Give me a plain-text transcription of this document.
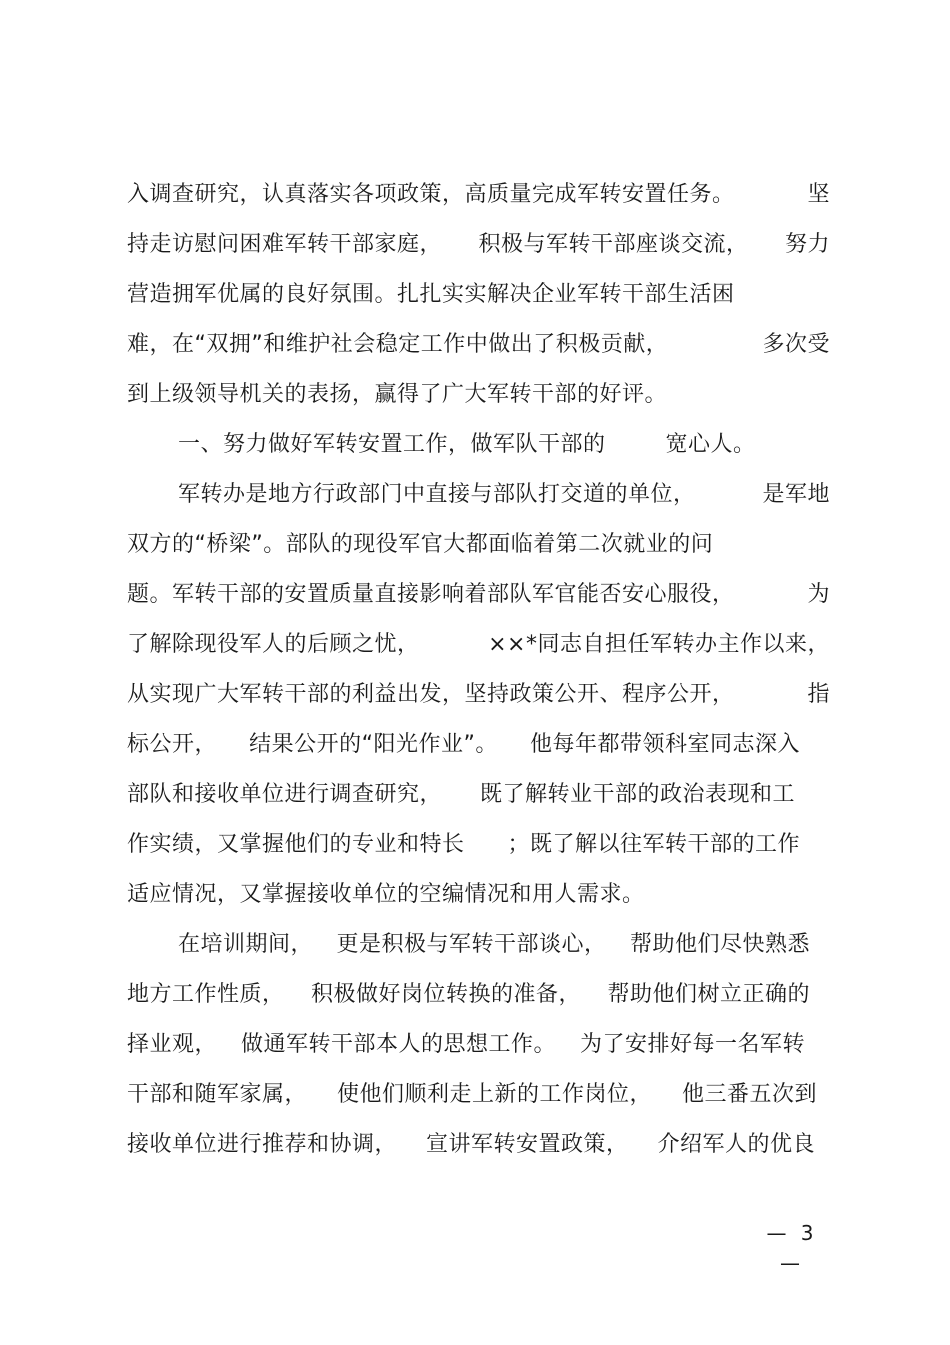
入调查研究，认真落实各项政策，高质量完成军转安置任务。	坚
持走访慰问困难军转干部家庭， 积极与军转干部座谈交流， 努力
营造拥军优属的良好氛围。扎扎实实解决企业军转干部生活困
难，在“双拥”和维护社会稳定工作中做出了积极贡献，	多次受
到上级领导机关的表扬，赢得了广大军转干部的好评。
一、努力做好军转安置工作，做军队干部的	宽心人。
军转办是地方行政部门中直接与部队打交道的单位，	是军地
双方的“桥梁”。部队的现役军官大都面临着第二次就业的问
题。军转干部的安置质量直接影响着部队军官能否安心服役，	为
了解除现役军人的后顾之忧，	××*同志自担任军转办主作以来，
从实现广大军转干部的利益出发，坚持政策公开、程序公开，	指
标公开， 结果公开的“阳光作业”。 他每年都带领科室同志深入
部队和接收单位进行调查研究， 既了解转业干部的政治表现和工
作实绩，又掌握他们的专业和特长 ；既了解以往军转干部的工作
适应情况，又掌握接收单位的空编情况和用人需求。
在培训期间， 更是积极与军转干部谈心， 帮助他们尽快熟悉
地方工作性质， 积极做好岗位转换的准备， 帮助他们树立正确的
择业观， 做通军转干部本人的思想工作。 为了安排好每一名军转
干部和随军家属， 使他们顺利走上新的工作岗位， 他三番五次到
接收单位进行推荐和协调， 宣讲军转安置政策， 介绍军人的优良
— 3 —
